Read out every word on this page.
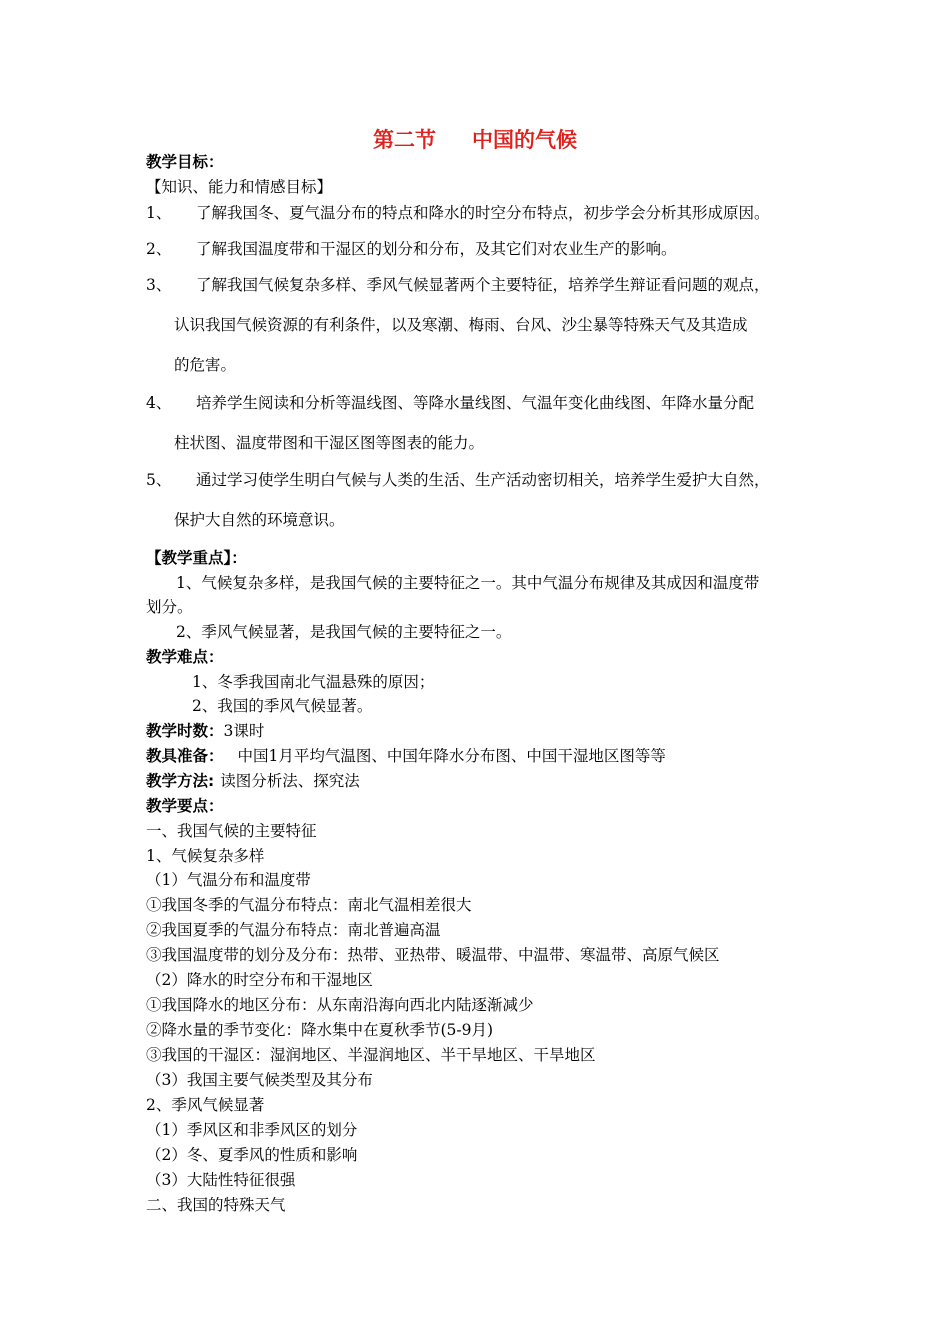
第二节 中国的气候
教学目标：
【知识、能力和情感目标】
1、 了解我国冬、夏气温分布的特点和降水的时空分布特点，初步学会分析其形成原因。
2、 了解我国温度带和干湿区的划分和分布，及其它们对农业生产的影响。
3、 了解我国气候复杂多样、季风气候显著两个主要特征，培养学生辩证看问题的观点，
认识我国气候资源的有利条件，以及寒潮、梅雨、台风、沙尘暴等特殊天气及其造成
的危害。
4、 培养学生阅读和分析等温线图、等降水量线图、气温年变化曲线图、年降水量分配
柱状图、温度带图和干湿区图等图表的能力。
5、 通过学习使学生明白气候与人类的生活、生产活动密切相关，培养学生爱护大自然，
保护大自然的环境意识。
【教学重点】：
1、气候复杂多样，是我国气候的主要特征之一。其中气温分布规律及其成因和温度带
划分。
2、季风气候显著，是我国气候的主要特征之一。
教学难点：
1、冬季我国南北气温悬殊的原因；
2、我国的季风气候显著。
教学时数：3课时
教具准备： 中国1月平均气温图、中国年降水分布图、中国干湿地区图等等
教学方法: 读图分析法、探究法
教学要点：
一、我国气候的主要特征
1、气候复杂多样
（1）气温分布和温度带
①我国冬季的气温分布特点：南北气温相差很大
②我国夏季的气温分布特点：南北普遍高温
③我国温度带的划分及分布：热带、亚热带、暖温带、中温带、寒温带、高原气候区
（2）降水的时空分布和干湿地区
①我国降水的地区分布：从东南沿海向西北内陆逐渐减少
②降水量的季节变化：降水集中在夏秋季节(5-9月)
③我国的干湿区：湿润地区、半湿润地区、半干旱地区、干旱地区
（3）我国主要气候类型及其分布
2、季风气候显著
（1）季风区和非季风区的划分
（2）冬、夏季风的性质和影响
（3）大陆性特征很强
二、我国的特殊天气
